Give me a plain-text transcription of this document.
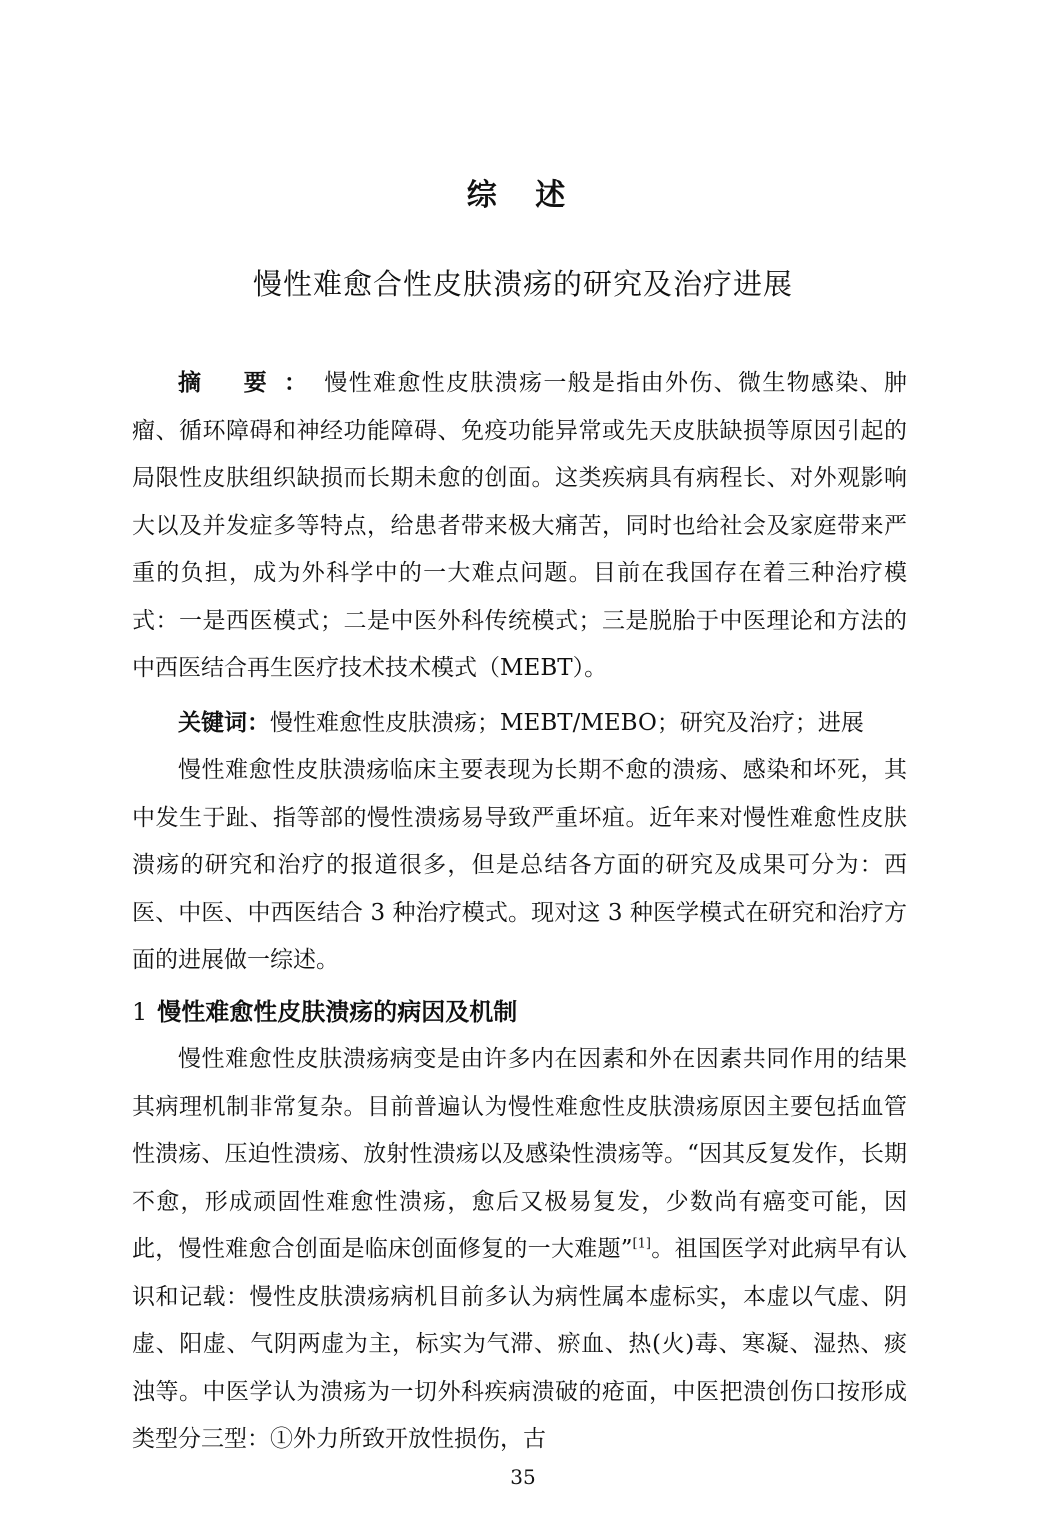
综 述
慢性难愈合性皮肤溃疡的研究及治疗进展

摘 要：慢性难愈性皮肤溃疡一般是指由外伤、微生物感染、肿瘤、循环障碍和神经功能障碍、免疫功能异常或先天皮肤缺损等原因引起的局限性皮肤组织缺损而长期未愈的创面。这类疾病具有病程长、对外观影响大以及并发症多等特点，给患者带来极大痛苦，同时也给社会及家庭带来严重的负担，成为外科学中的一大难点问题。目前在我国存在着三种治疗模式：一是西医模式；二是中医外科传统模式；三是脱胎于中医理论和方法的中西医结合再生医疗技术技术模式（MEBT）。

关键词：慢性难愈性皮肤溃疡；MEBT/MEBO；研究及治疗；进展

慢性难愈性皮肤溃疡临床主要表现为长期不愈的溃疡、感染和坏死，其中发生于趾、指等部的慢性溃疡易导致严重坏疽。近年来对慢性难愈性皮肤溃疡的研究和治疗的报道很多，但是总结各方面的研究及成果可分为：西医、中医、中西医结合 3 种治疗模式。现对这 3 种医学模式在研究和治疗方面的进展做一综述。

1 慢性难愈性皮肤溃疡的病因及机制

慢性难愈性皮肤溃疡病变是由许多内在因素和外在因素共同作用的结果其病理机制非常复杂。目前普遍认为慢性难愈性皮肤溃疡原因主要包括血管性溃疡、压迫性溃疡、放射性溃疡以及感染性溃疡等。“因其反复发作，长期不愈，形成顽固性难愈性溃疡，愈后又极易复发，少数尚有癌变可能，因此，慢性难愈合创面是临床创面修复的一大难题”[1]。祖国医学对此病早有认识和记载：慢性皮肤溃疡病机目前多认为病性属本虚标实，本虚以气虚、阴虚、阳虚、气阴两虚为主，标实为气滞、瘀血、热(火)毒、寒凝、湿热、痰浊等。中医学认为溃疡为一切外科疾病溃破的疮面，中医把溃创伤口按形成类型分三型：①外力所致开放性损伤，古

35
